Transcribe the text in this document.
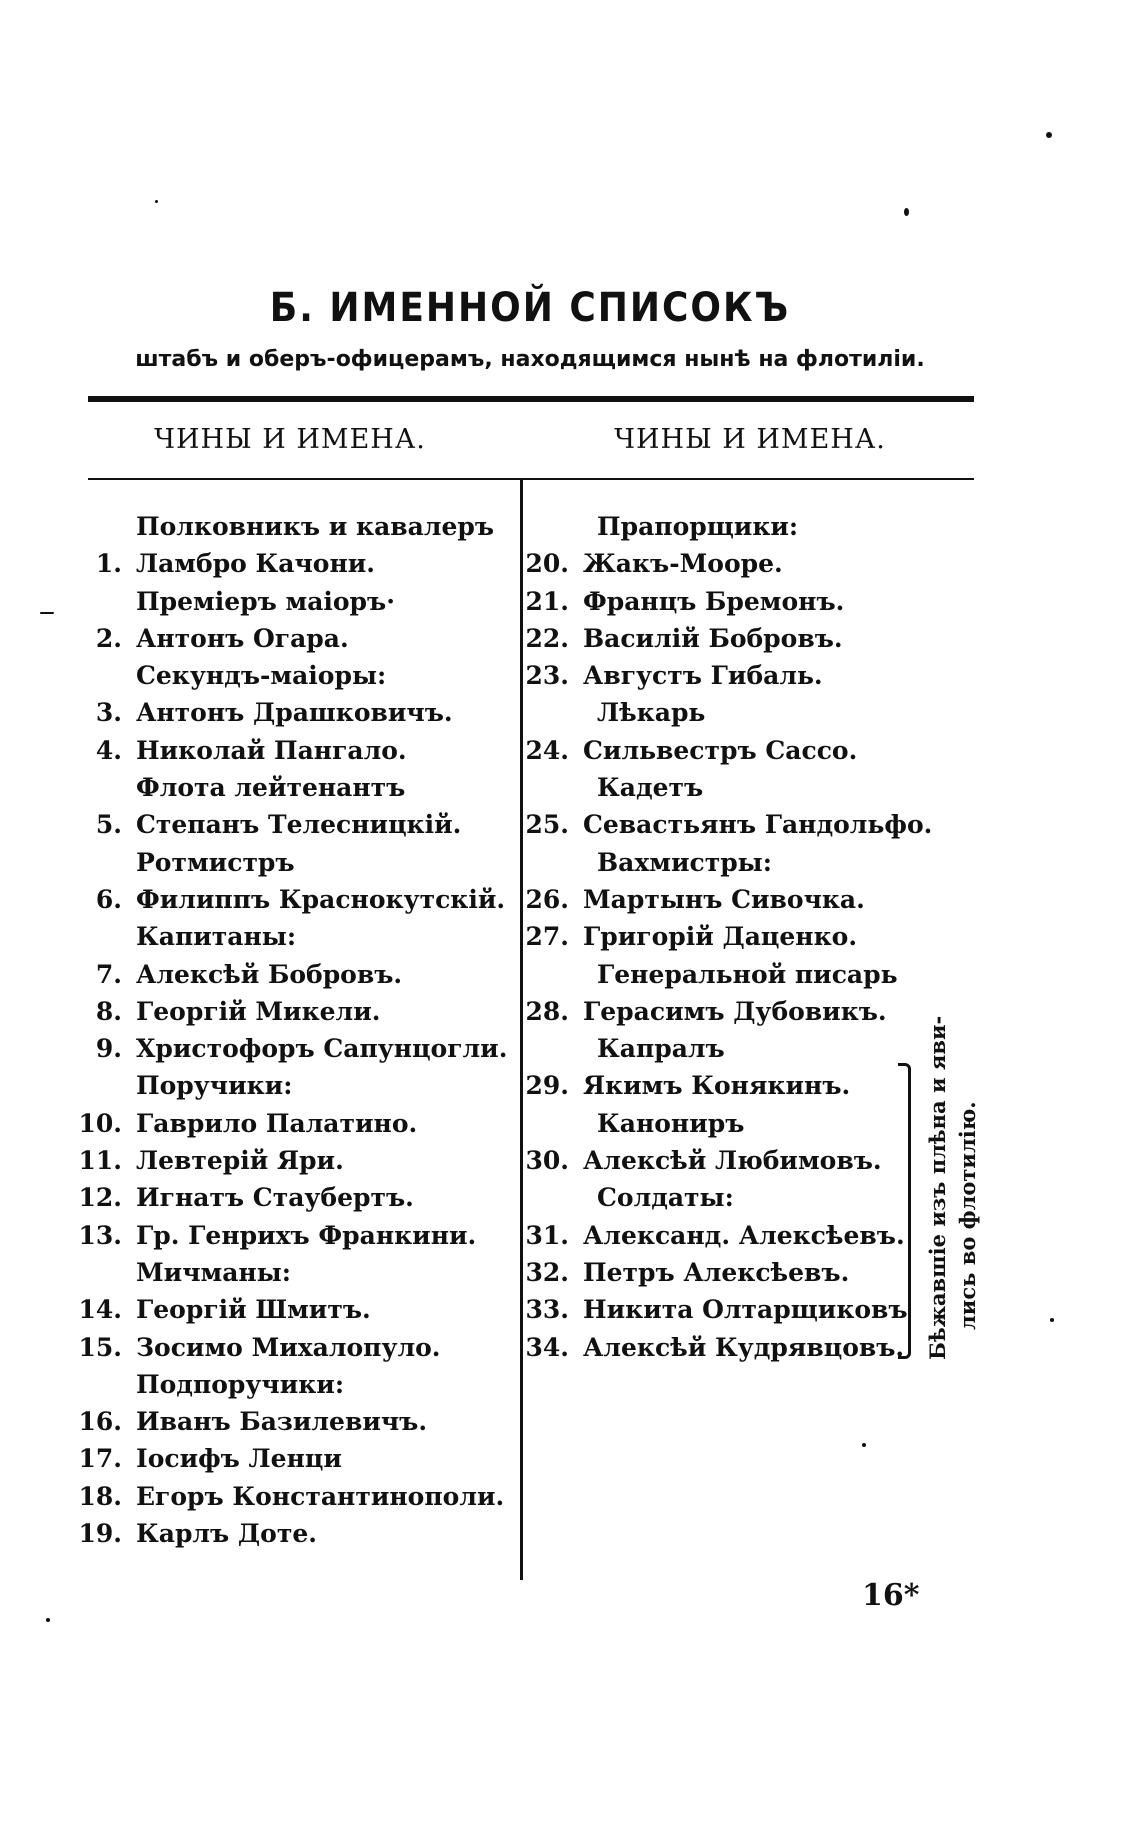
Б. ИМЕННОЙ СПИСОКЪ
штабъ и оберъ-офицерамъ, находящимся нынѣ на флотиліи.
ЧИНЫ И ИМЕНА.	ЧИНЫ И ИМЕНА.
Полковникъ и кавалеръ
1. Ламбро Качони.
Преміеръ маіоръ·
2. Антонъ Огара.
Секундъ-маіоры:
3. Антонъ Драшковичъ.
4. Николай Пангало.
Флота лейтенантъ
5. Степанъ Телесницкій.
Ротмистръ
6. Филиппъ Краснокутскій.
Капитаны:
7. Алексѣй Бобровъ.
8. Георгій Микели.
9. Христофоръ Сапунцогли.
Поручики:
10. Гаврило Палатино.
11. Левтерій Яри.
12. Игнатъ Стаубертъ.
13. Гр. Генрихъ Франкини.
Мичманы:
14. Георгій Шмитъ.
15. Зосимо Михалопуло.
Подпоручики:
16. Иванъ Базилевичъ.
17. Іосифъ Ленци
18. Егоръ Константинополи.
19. Карлъ Доте.
Прапорщики:
20. Жакъ-Мооре.
21. Францъ Бремонъ.
22. Василій Бобровъ.
23. Августъ Гибаль.
Лѣкарь
24. Сильвестръ Сассо.
Кадетъ
25. Севастьянъ Гандольфо.
Вахмистры:
26. Мартынъ Сивочка.
27. Григорій Даценко.
Генеральной писарь
28. Герасимъ Дубовикъ.
Капралъ
29. Якимъ Конякинъ.
Канониръ
30. Алексѣй Любимовъ.
Солдаты:
31. Александ. Алексѣевъ.
32. Петръ Алексѣевъ.
33. Никита Олтарщиковъ
34. Алексѣй Кудрявцовъ. Бѣжавшіе изъ плѣна и яви- лись во флотилію.
16*
